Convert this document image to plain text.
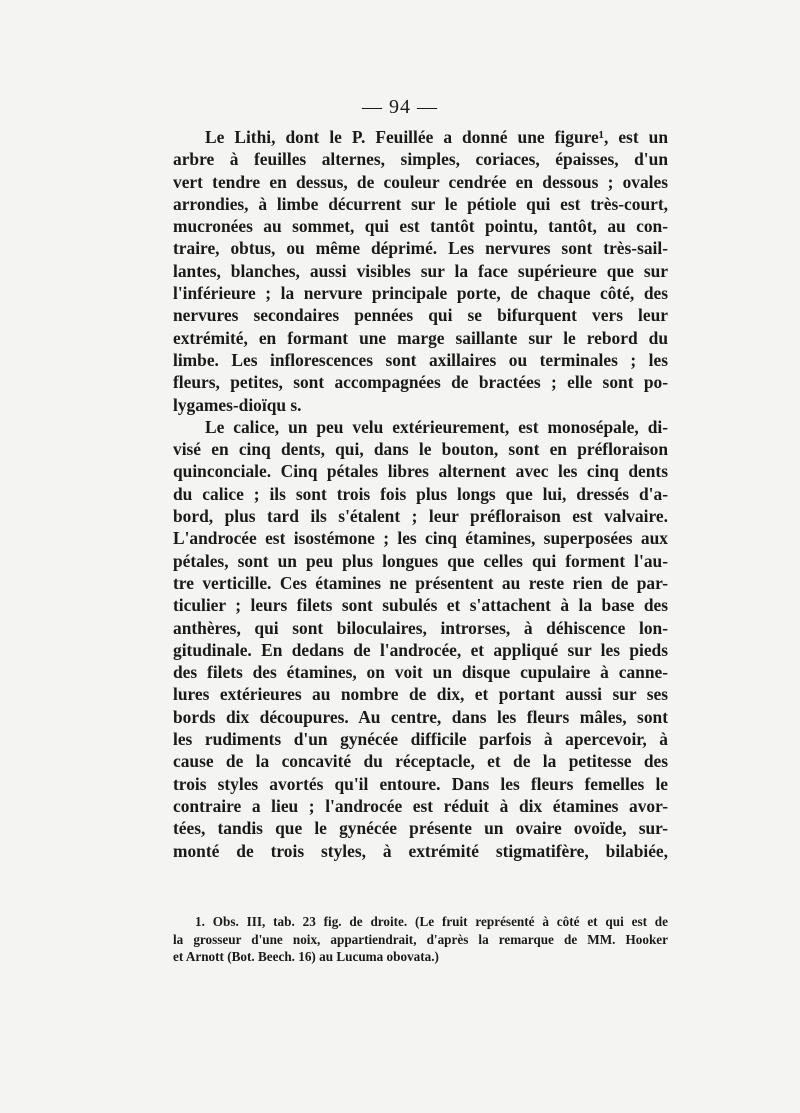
— 94 —
Le Lithi, dont le P. Feuillée a donné une figure¹, est un
arbre à feuilles alternes, simples, coriaces, épaisses, d'un
vert tendre en dessus, de couleur cendrée en dessous ; ovales
arrondies, à limbe décurrent sur le pétiole qui est très-court,
mucronées au sommet, qui est tantôt pointu, tantôt, au con-
traire, obtus, ou même déprimé. Les nervures sont très-sail-
lantes, blanches, aussi visibles sur la face supérieure que sur
l'inférieure ; la nervure principale porte, de chaque côté, des
nervures secondaires pennées qui se bifurquent vers leur
extrémité, en formant une marge saillante sur le rebord du
limbe. Les inflorescences sont axillaires ou terminales ; les
fleurs, petites, sont accompagnées de bractées ; elle sont po-
lygames-dioïqu s.
Le calice, un peu velu extérieurement, est monosépale, di-
visé en cinq dents, qui, dans le bouton, sont en préfloraison
quinconciale. Cinq pétales libres alternent avec les cinq dents
du calice ; ils sont trois fois plus longs que lui, dressés d'a-
bord, plus tard ils s'étalent ; leur préfloraison est valvaire.
L'androcée est isostémone ; les cinq étamines, superposées aux
pétales, sont un peu plus longues que celles qui forment l'au-
tre verticille. Ces étamines ne présentent au reste rien de par-
ticulier ; leurs filets sont subulés et s'attachent à la base des
anthères, qui sont biloculaires, introrses, à déhiscence lon-
gitudinale. En dedans de l'androcée, et appliqué sur les pieds
des filets des étamines, on voit un disque cupulaire à canne-
lures extérieures au nombre de dix, et portant aussi sur ses
bords dix découpures. Au centre, dans les fleurs mâles, sont
les rudiments d'un gynécée difficile parfois à apercevoir, à
cause de la concavité du réceptacle, et de la petitesse des
trois styles avortés qu'il entoure. Dans les fleurs femelles le
contraire a lieu ; l'androcée est réduit à dix étamines avor-
tées, tandis que le gynécée présente un ovaire ovoïde, sur-
monté de trois styles, à extrémité stigmatifère, bilabiée,
1. Obs. III, tab. 23 fig. de droite. (Le fruit représenté à côté et qui est de
la grosseur d'une noix, appartiendrait, d'après la remarque de MM. Hooker
et Arnott (Bot. Beech. 16) au Lucuma obovata.)
